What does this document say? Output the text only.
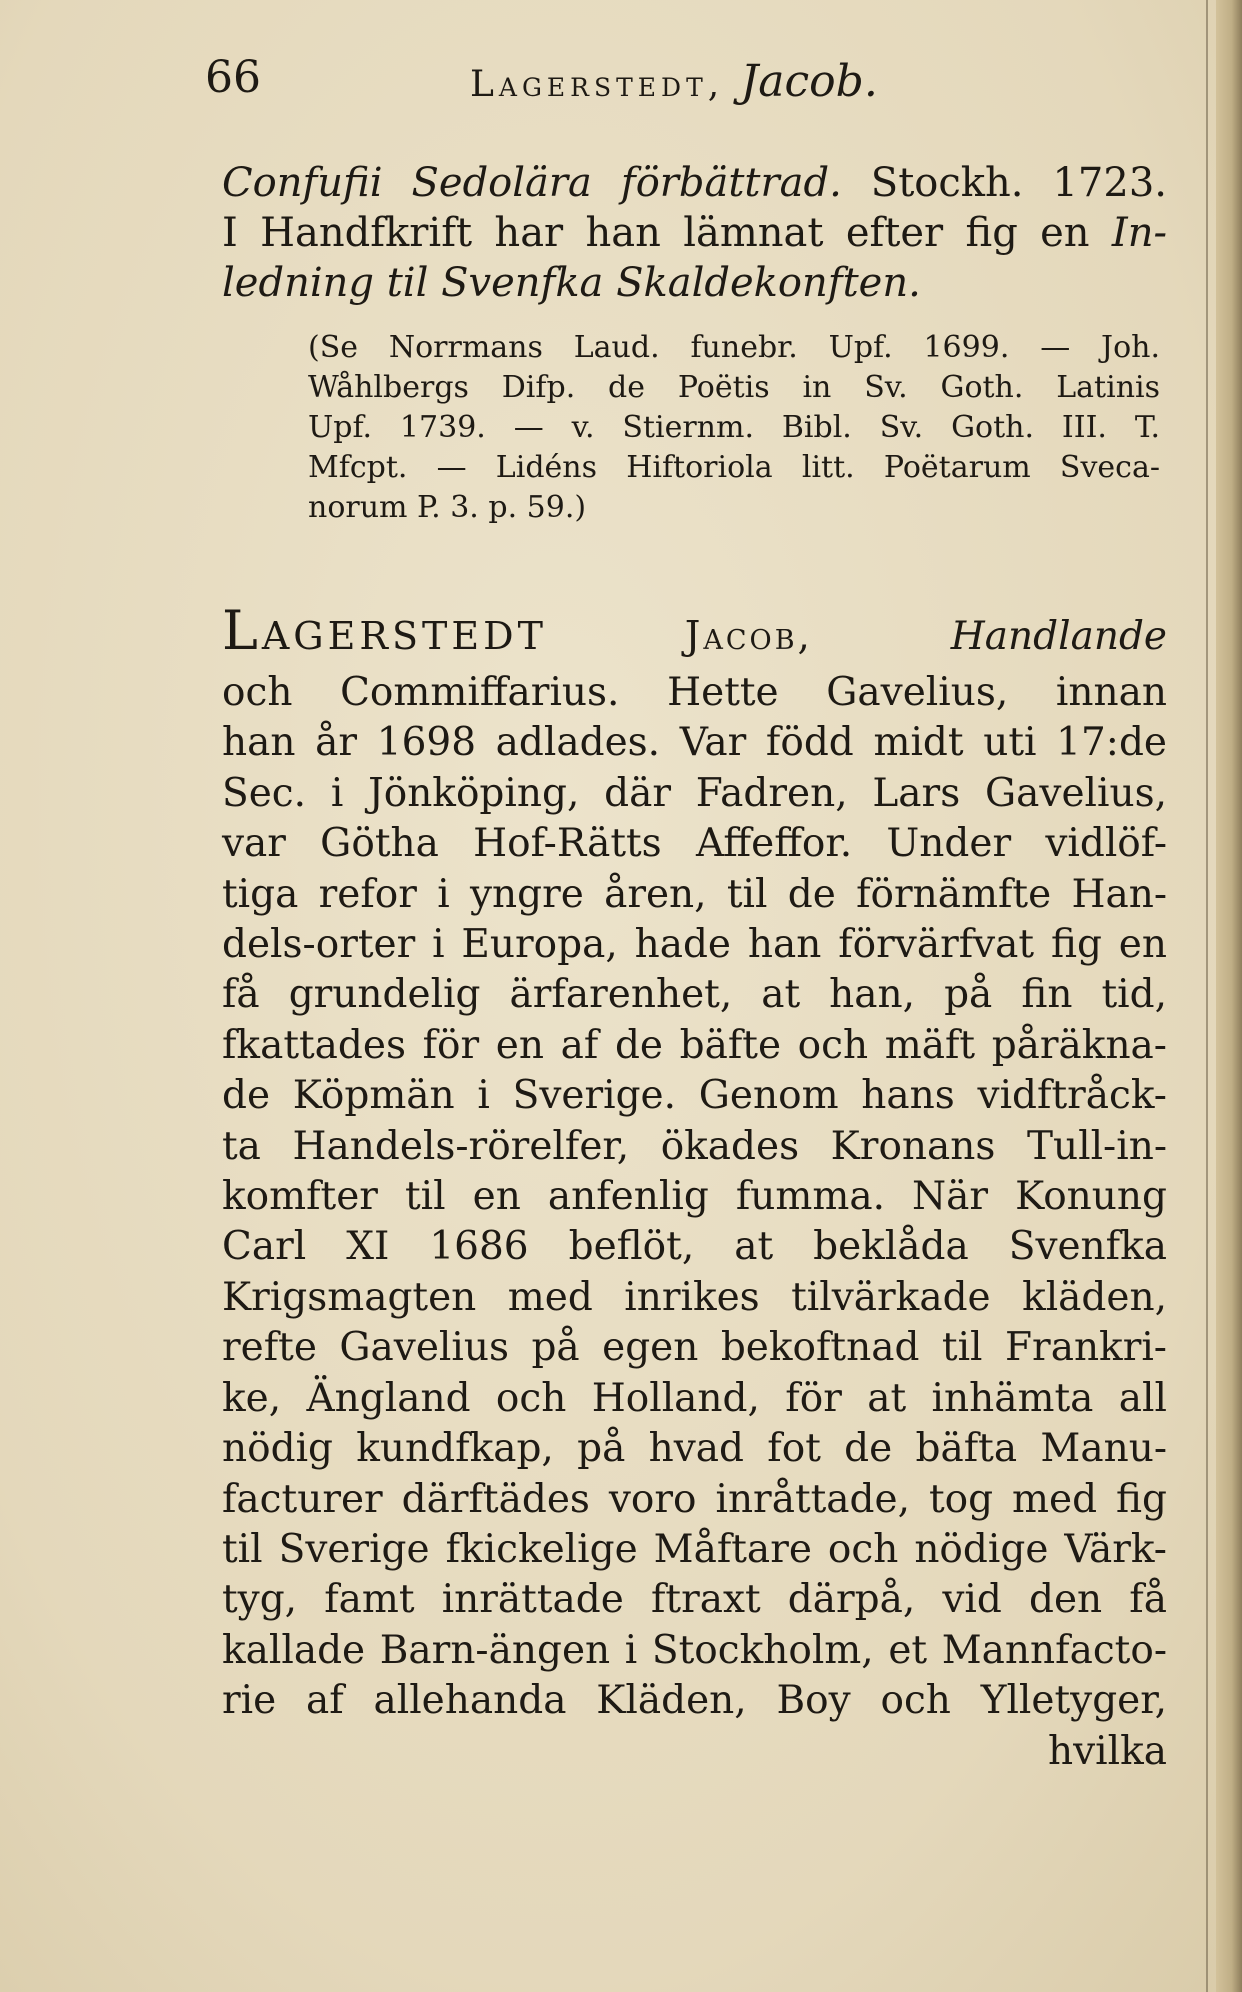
66	Lagerstedt, Jacob.
Confufii Sedolära förbättrad. Stockh. 1723.
I Handfkrift har han lämnat efter fig en In-
ledning til Svenfka Skaldekonften.
(Se Norrmans Laud. funebr. Upf. 1699. — Joh.
Wåhlbergs Difp. de Poëtis in Sv. Goth. Latinis
Upf. 1739. — v. Stiernm. Bibl. Sv. Goth. III. T.
Mfcpt. — Lidéns Hiftoriola litt. Poëtarum Sveca-
norum P. 3. p. 59.)
Lagerstedt	Jacob,	Handlande
och Commiffarius. Hette Gavelius, innan
han år 1698 adlades. Var född midt uti 17:de
Sec. i Jönköping, där Fadren, Lars Gavelius,
var Götha Hof-Rätts Affeffor. Under vidlöf-
tiga refor i yngre åren, til de förnämfte Han-
dels-orter i Europa, hade han förvärfvat fig en
få grundelig ärfarenhet, at han, på fin tid,
fkattades för en af de bäfte och mäft påräkna-
de Köpmän i Sverige. Genom hans vidftråck-
ta Handels-rörelfer, ökades Kronans Tull-in-
komfter til en anfenlig fumma. När Konung
Carl XI 1686 beflöt, at beklåda Svenfka
Krigsmagten med inrikes tilvärkade kläden,
refte Gavelius på egen bekoftnad til Frankri-
ke, Ängland och Holland, för at inhämta all
nödig kundfkap, på hvad fot de bäfta Manu-
facturer därftädes voro inråttade, tog med fig
til Sverige fkickelige Måftare och nödige Värk-
tyg, famt inrättade ftraxt därpå, vid den få
kallade Barn-ängen i Stockholm, et Mannfacto-
rie af allehanda Kläden, Boy och Ylletyger,
hvilka
